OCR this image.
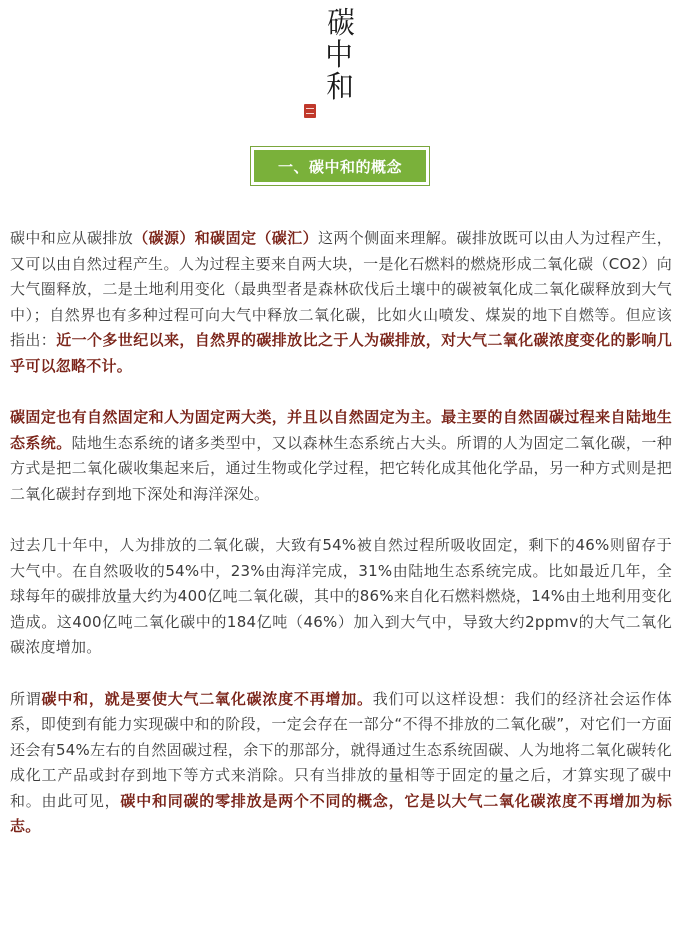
碳
中
和
一、碳中和的概念

碳中和应从碳排放（碳源）和碳固定（碳汇）这两个侧面来理解。碳排放既可以由人为过程产生，又可以由自然过程产生。人为过程主要来自两大块，一是化石燃料的燃烧形成二氧化碳（CO2）向大气圈释放，二是土地利用变化（最典型者是森林砍伐后土壤中的碳被氧化成二氧化碳释放到大气中）；自然界也有多种过程可向大气中释放二氧化碳，比如火山喷发、煤炭的地下自燃等。但应该指出：近一个多世纪以来，自然界的碳排放比之于人为碳排放，对大气二氧化碳浓度变化的影响几乎可以忽略不计。

碳固定也有自然固定和人为固定两大类，并且以自然固定为主。最主要的自然固碳过程来自陆地生态系统。陆地生态系统的诸多类型中，又以森林生态系统占大头。所谓的人为固定二氧化碳，一种方式是把二氧化碳收集起来后，通过生物或化学过程，把它转化成其他化学品，另一种方式则是把二氧化碳封存到地下深处和海洋深处。

过去几十年中，人为排放的二氧化碳，大致有54%被自然过程所吸收固定，剩下的46%则留存于大气中。在自然吸收的54%中，23%由海洋完成，31%由陆地生态系统完成。比如最近几年，全球每年的碳排放量大约为400亿吨二氧化碳，其中的86%来自化石燃料燃烧，14%由土地利用变化造成。这400亿吨二氧化碳中的184亿吨（46%）加入到大气中，导致大约2ppmv的大气二氧化碳浓度增加。

所谓碳中和，就是要使大气二氧化碳浓度不再增加。我们可以这样设想：我们的经济社会运作体系，即使到有能力实现碳中和的阶段，一定会存在一部分“不得不排放的二氧化碳”，对它们一方面还会有54%左右的自然固碳过程，余下的那部分，就得通过生态系统固碳、人为地将二氧化碳转化成化工产品或封存到地下等方式来消除。只有当排放的量相等于固定的量之后，才算实现了碳中和。由此可见，碳中和同碳的零排放是两个不同的概念，它是以大气二氧化碳浓度不再增加为标志。
